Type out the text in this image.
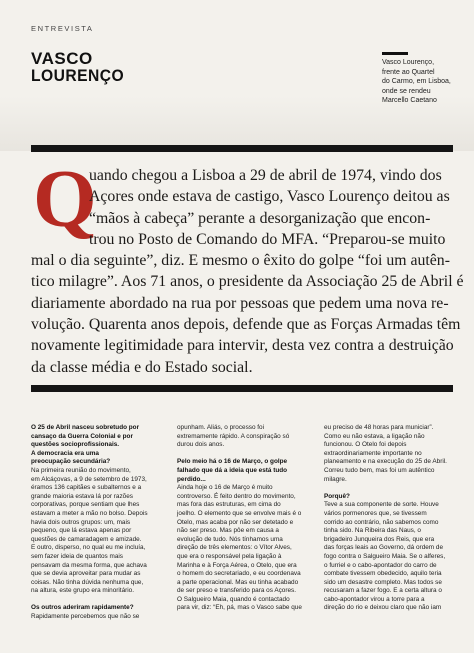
ENTREVISTA
VASCO
LOURENÇO
Vasco Lourenço,
frente ao Quartel
do Carmo, em Lisboa,
onde se rendeu
Marcello Caetano
Q
uando chegou a Lisboa a 29 de abril de 1974, vindo dos
Açores onde estava de castigo, Vasco Lourenço deitou as
“mãos à cabeça” perante a desorganização que encon-
trou no Posto de Comando do MFA. “Preparou-se muito
mal o dia seguinte”, diz. E mesmo o êxito do golpe “foi um autên-
tico milagre”. Aos 71 anos, o presidente da Associação 25 de Abril é
diariamente abordado na rua por pessoas que pedem uma nova re-
volução. Quarenta anos depois, defende que as Forças Armadas têm
novamente legitimidade para intervir, desta vez contra a destruição
da classe média e do Estado social.
O 25 de Abril nasceu sobretudo por
cansaço da Guerra Colonial e por
questões socioprofissionais.
A democracia era uma
preocupação secundária?
Na primeira reunião do movimento,
em Alcáçovas, a 9 de setembro de 1973,
éramos 136 capitães e subalternos e a
grande maioria estava lá por razões
corporativas, porque sentiam que lhes
estavam a meter a mão no bolso. Depois
havia dois outros grupos: um, mais
pequeno, que lá estava apenas por
questões de camaradagem e amizade.
E outro, disperso, no qual eu me incluía,
sem fazer ideia de quantos mais
pensavam da mesma forma, que achava
que se devia aproveitar para mudar as
coisas. Não tinha dúvida nenhuma que,
na altura, este grupo era minoritário.
Os outros aderiram rapidamente?
Rapidamente percebemos que não se
opunham. Aliás, o processo foi
extremamente rápido. A conspiração só
durou dois anos.
Pelo meio há o 16 de Março, o golpe
falhado que dá a ideia que está tudo
perdido...
Ainda hoje o 16 de Março é muito
controverso. É feito dentro do movimento,
mas fora das estruturas, em cima do
joelho. O elemento que se envolve mais é o
Otelo, mas acaba por não ser detetado e
não ser preso. Mas pôe em causa a
evolução de tudo. Nós tínhamos uma
direção de três elementos: o Vítor Alves,
que era o responsável pela ligação à
Marinha e à Força Aérea, o Otelo, que era
o homem do secretariado, e eu coordenava
a parte operacional. Mas eu tinha acabado
de ser preso e transferido para os Açores.
O Salgueiro Maia, quando é contactado
para vir, diz: “Eh, pá, mas o Vasco sabe que
eu preciso de 48 horas para municiar”.
Como eu não estava, a ligação não
funcionou. O Otelo foi depois
extraordinariamente importante no
planeamento e na execução do 25 de Abril.
Correu tudo bem, mas foi um autêntico
milagre.
Porquê?
Teve a sua componente de sorte. Houve
vários pormenores que, se tivessem
corrido ao contrário, não sabemos como
tinha sido. Na Ribeira das Naus, o
brigadeiro Junqueira dos Reis, que era
das forças leais ao Governo, dá ordem de
fogo contra o Salgueiro Maia. Se o alferes,
o furriel e o cabo-apontador do carro de
combate tivessem obedecido, aquilo teria
sido um desastre completo. Mas todos se
recusaram a fazer fogo. E a certa altura o
cabo-apontador virou a torre para a
direção do rio e deixou claro que não iam
